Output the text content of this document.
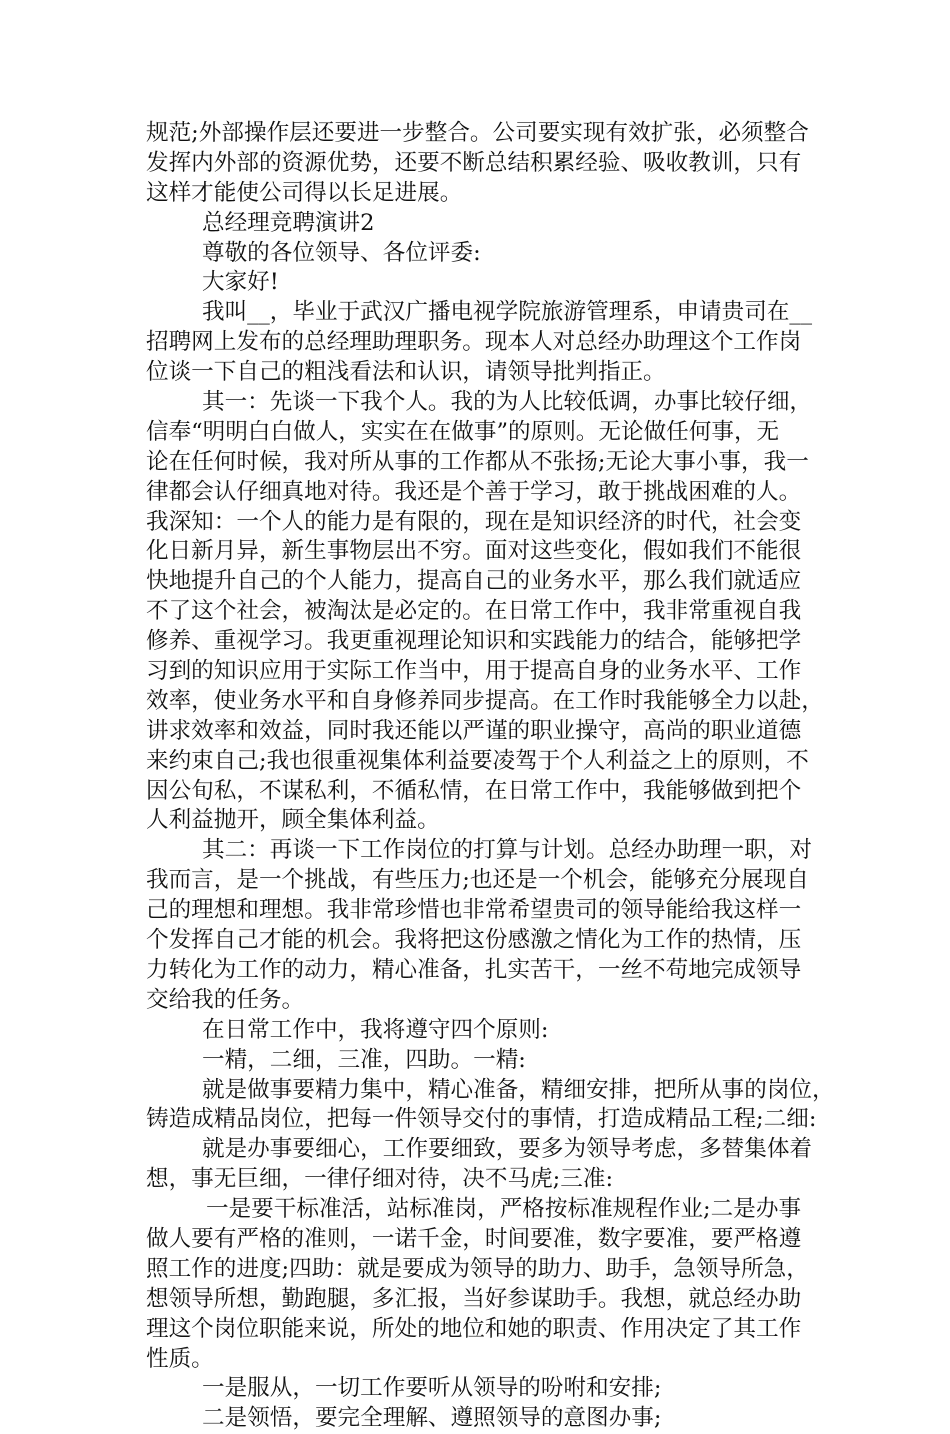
规范;外部操作层还要进一步整合。公司要实现有效扩张，必须整合
发挥内外部的资源优势，还要不断总结积累经验、吸收教训，只有
这样才能使公司得以长足进展。
总经理竞聘演讲2
尊敬的各位领导、各位评委:
大家好!
我叫__，毕业于武汉广播电视学院旅游管理系，申请贵司在__
招聘网上发布的总经理助理职务。现本人对总经办助理这个工作岗
位谈一下自己的粗浅看法和认识，请领导批判指正。
其一：先谈一下我个人。我的为人比较低调，办事比较仔细，
信奉“明明白白做人，实实在在做事”的原则。无论做任何事，无
论在任何时候，我对所从事的工作都从不张扬;无论大事小事，我一
律都会认仔细真地对待。我还是个善于学习，敢于挑战困难的人。
我深知：一个人的能力是有限的，现在是知识经济的时代，社会变
化日新月异，新生事物层出不穷。面对这些变化，假如我们不能很
快地提升自己的个人能力，提高自己的业务水平，那么我们就适应
不了这个社会，被淘汰是必定的。在日常工作中，我非常重视自我
修养、重视学习。我更重视理论知识和实践能力的结合，能够把学
习到的知识应用于实际工作当中，用于提高自身的业务水平、工作
效率，使业务水平和自身修养同步提高。在工作时我能够全力以赴，
讲求效率和效益，同时我还能以严谨的职业操守，高尚的职业道德
来约束自己;我也很重视集体利益要凌驾于个人利益之上的原则，不
因公旬私，不谋私利，不循私情，在日常工作中，我能够做到把个
人利益抛开，顾全集体利益。
其二：再谈一下工作岗位的打算与计划。总经办助理一职，对
我而言，是一个挑战，有些压力;也还是一个机会，能够充分展现自
己的理想和理想。我非常珍惜也非常希望贵司的领导能给我这样一
个发挥自己才能的机会。我将把这份感激之情化为工作的热情，压
力转化为工作的动力，精心准备，扎实苦干，一丝不苟地完成领导
交给我的任务。
在日常工作中，我将遵守四个原则:
一精，二细，三准，四助。一精:
就是做事要精力集中，精心准备，精细安排，把所从事的岗位，
铸造成精品岗位，把每一件领导交付的事情，打造成精品工程;二细:
就是办事要细心，工作要细致，要多为领导考虑，多替集体着
想，事无巨细，一律仔细对待，决不马虎;三准:
一是要干标准活，站标准岗，严格按标准规程作业;二是办事
做人要有严格的准则，一诺千金，时间要准，数字要准，要严格遵
照工作的进度;四助：就是要成为领导的助力、助手，急领导所急，
想领导所想，勤跑腿，多汇报，当好参谋助手。我想，就总经办助
理这个岗位职能来说，所处的地位和她的职责、作用决定了其工作
性质。
一是服从，一切工作要听从领导的吩咐和安排;
二是领悟，要完全理解、遵照领导的意图办事;
